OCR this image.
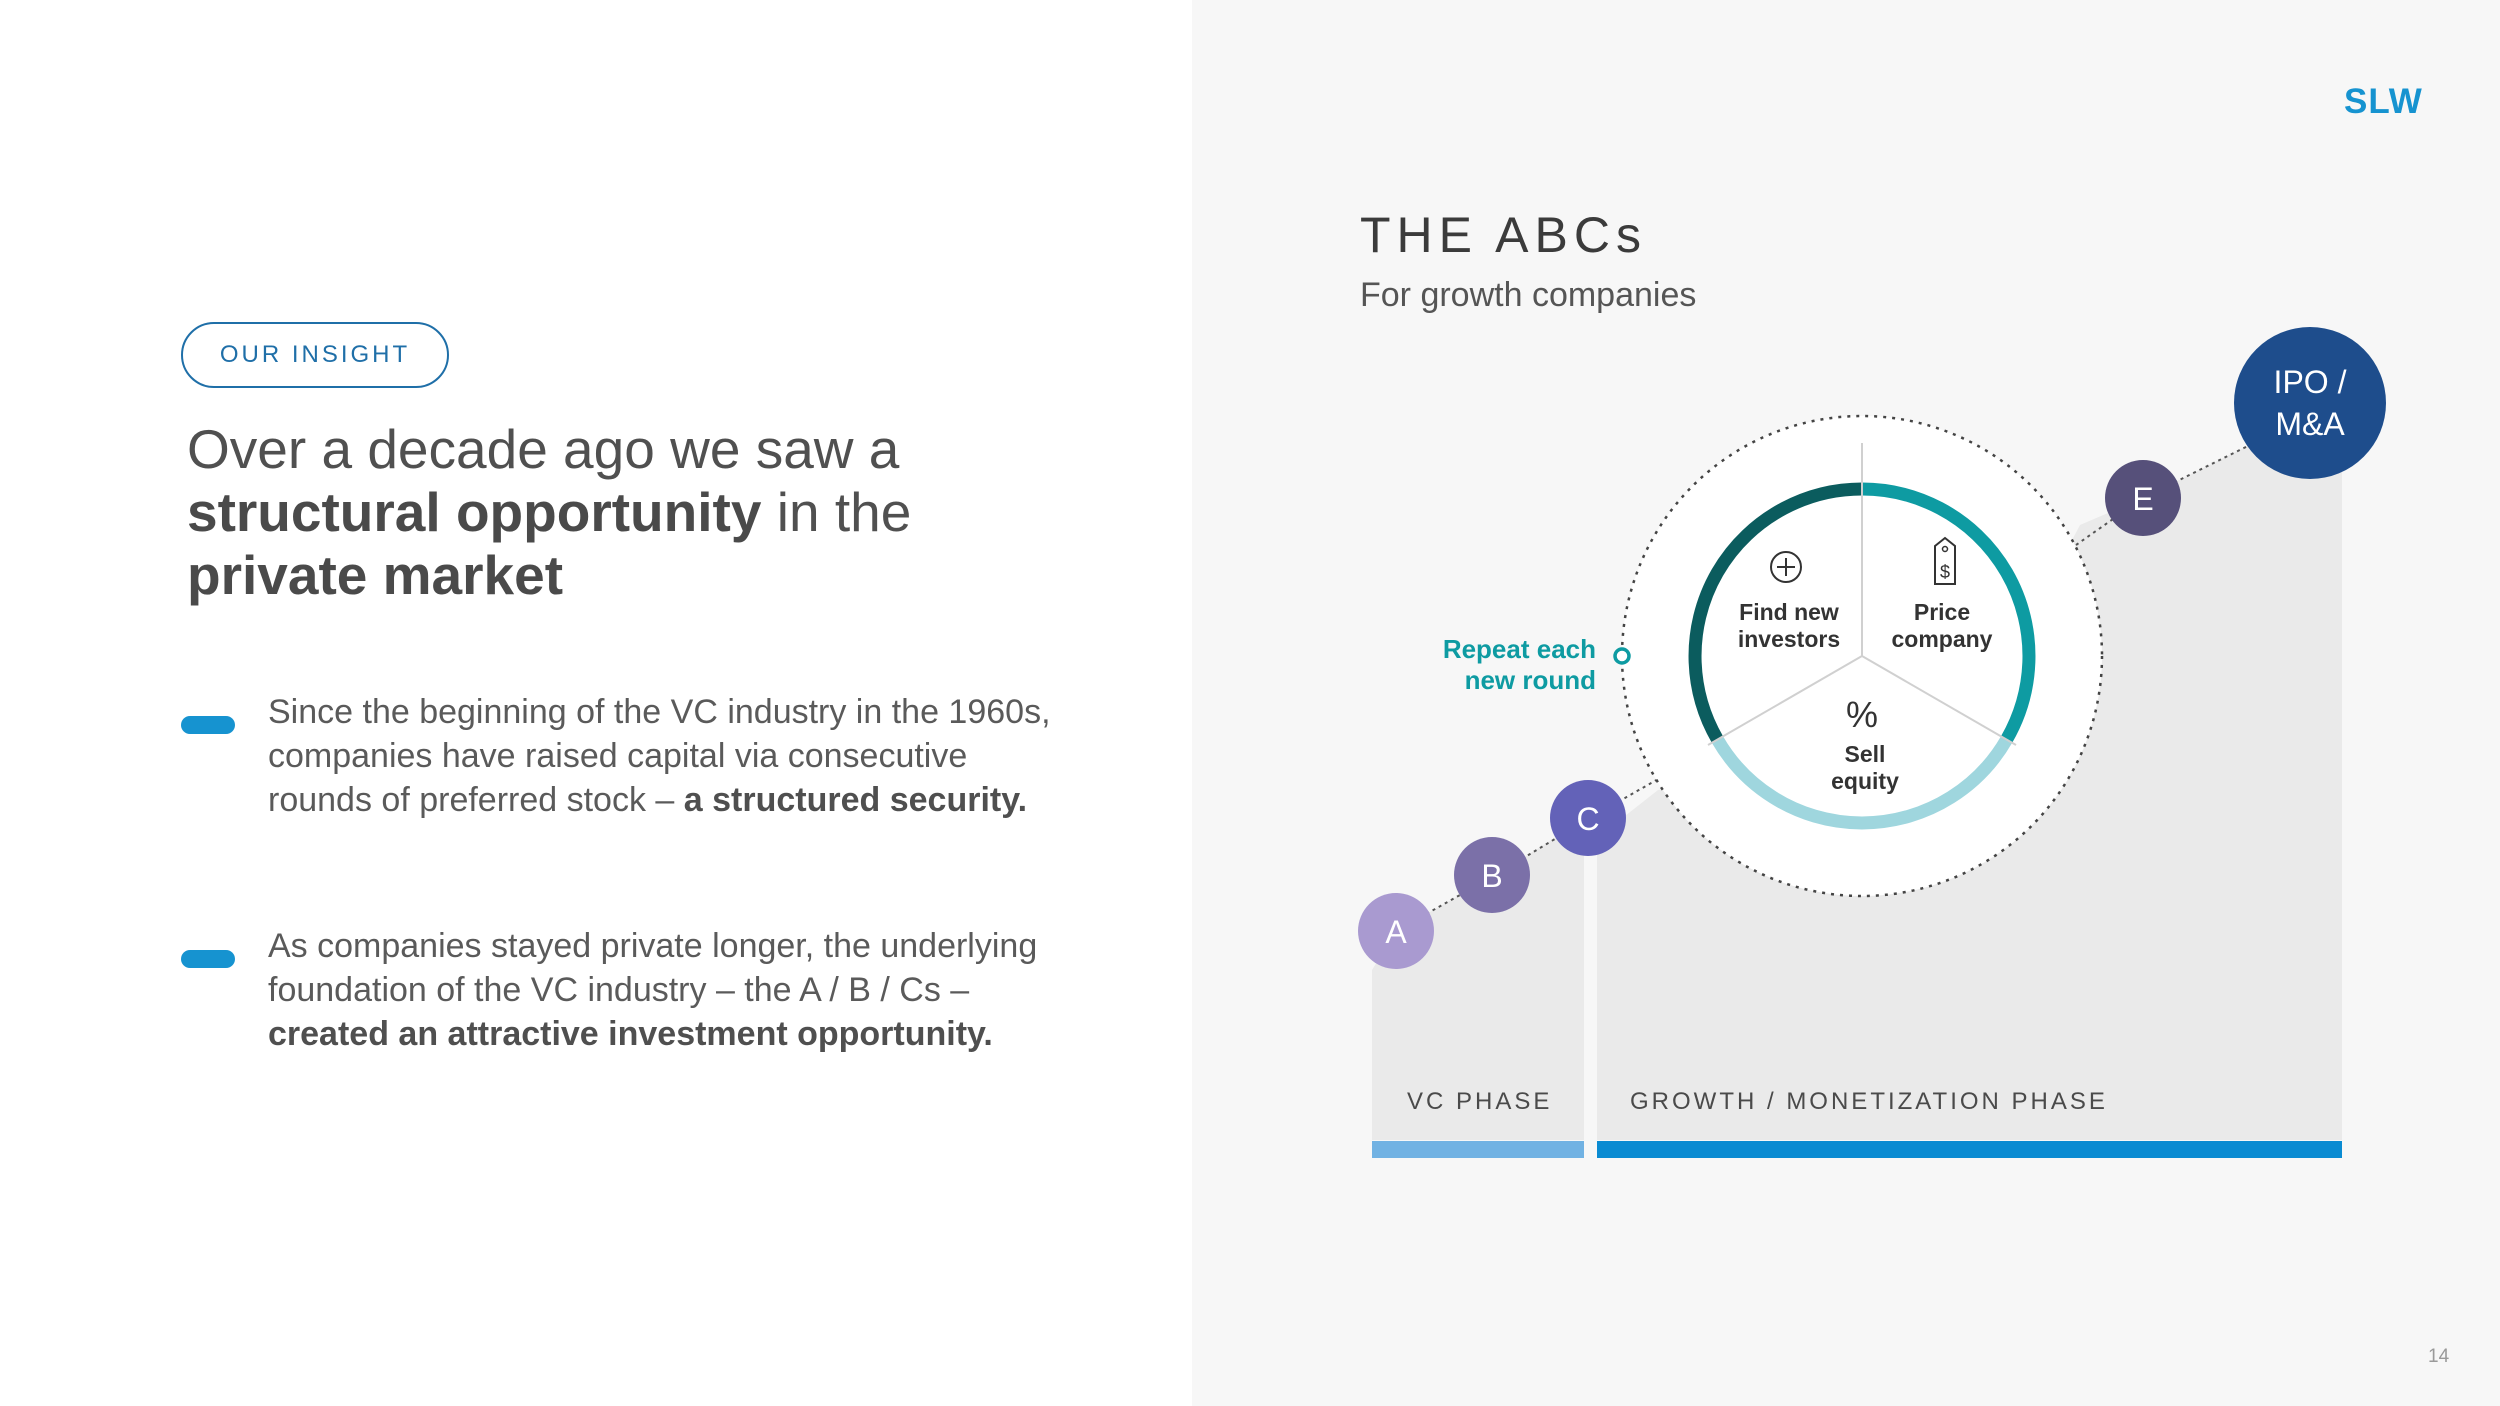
SLW
14
OUR INSIGHT
Over a decade ago we saw a
structural opportunity in the
private market
Since the beginning of the VC industry in the 1960s, companies have raised capital via consecutive rounds of preferred stock – a structured security.
As companies stayed private longer, the underlying foundation of the VC industry – the A / B / Cs – created an attractive investment opportunity.
THE ABCs
For growth companies
$
%
Find new
investors
Price
company
Sell
equity
Repeat each
new round
A
B
C
E
IPO /
M&A
VC PHASE	GROWTH / MONETIZATION PHASE
